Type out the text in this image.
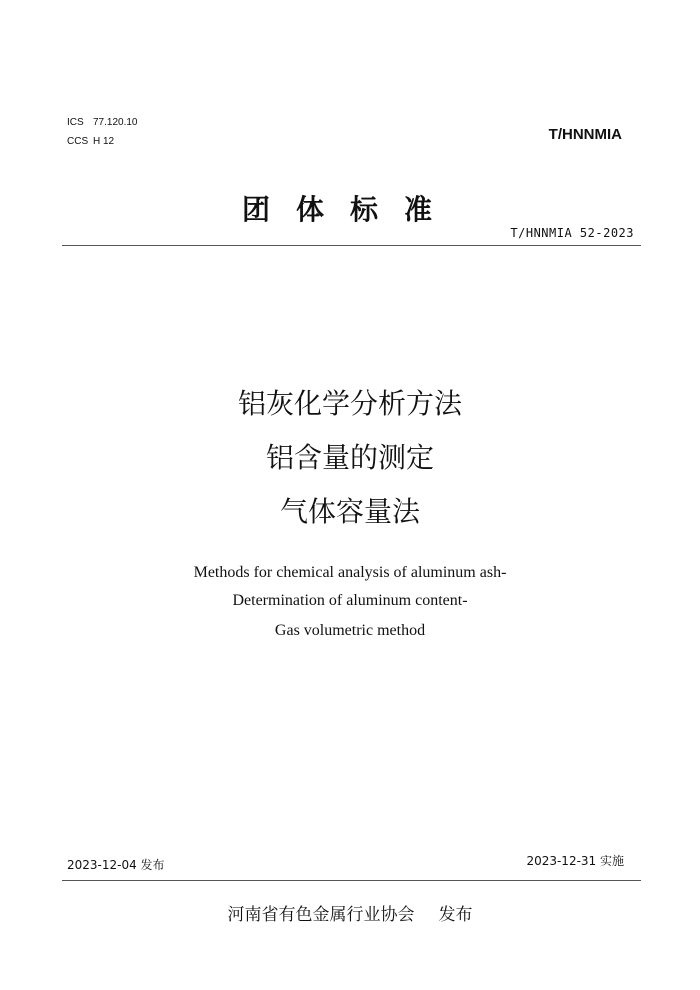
ICS 77.120.10
CCS H 12	T/HNNMIA
团体标准
T/HNNMIA 52-2023
铝灰化学分析方法
铝含量的测定
气体容量法
Methods for chemical analysis of aluminum ash-
Determination of aluminum content-
Gas volumetric method
2023-12-04 发布	2023-12-31 实施
河南省有色金属行业协会 发布
